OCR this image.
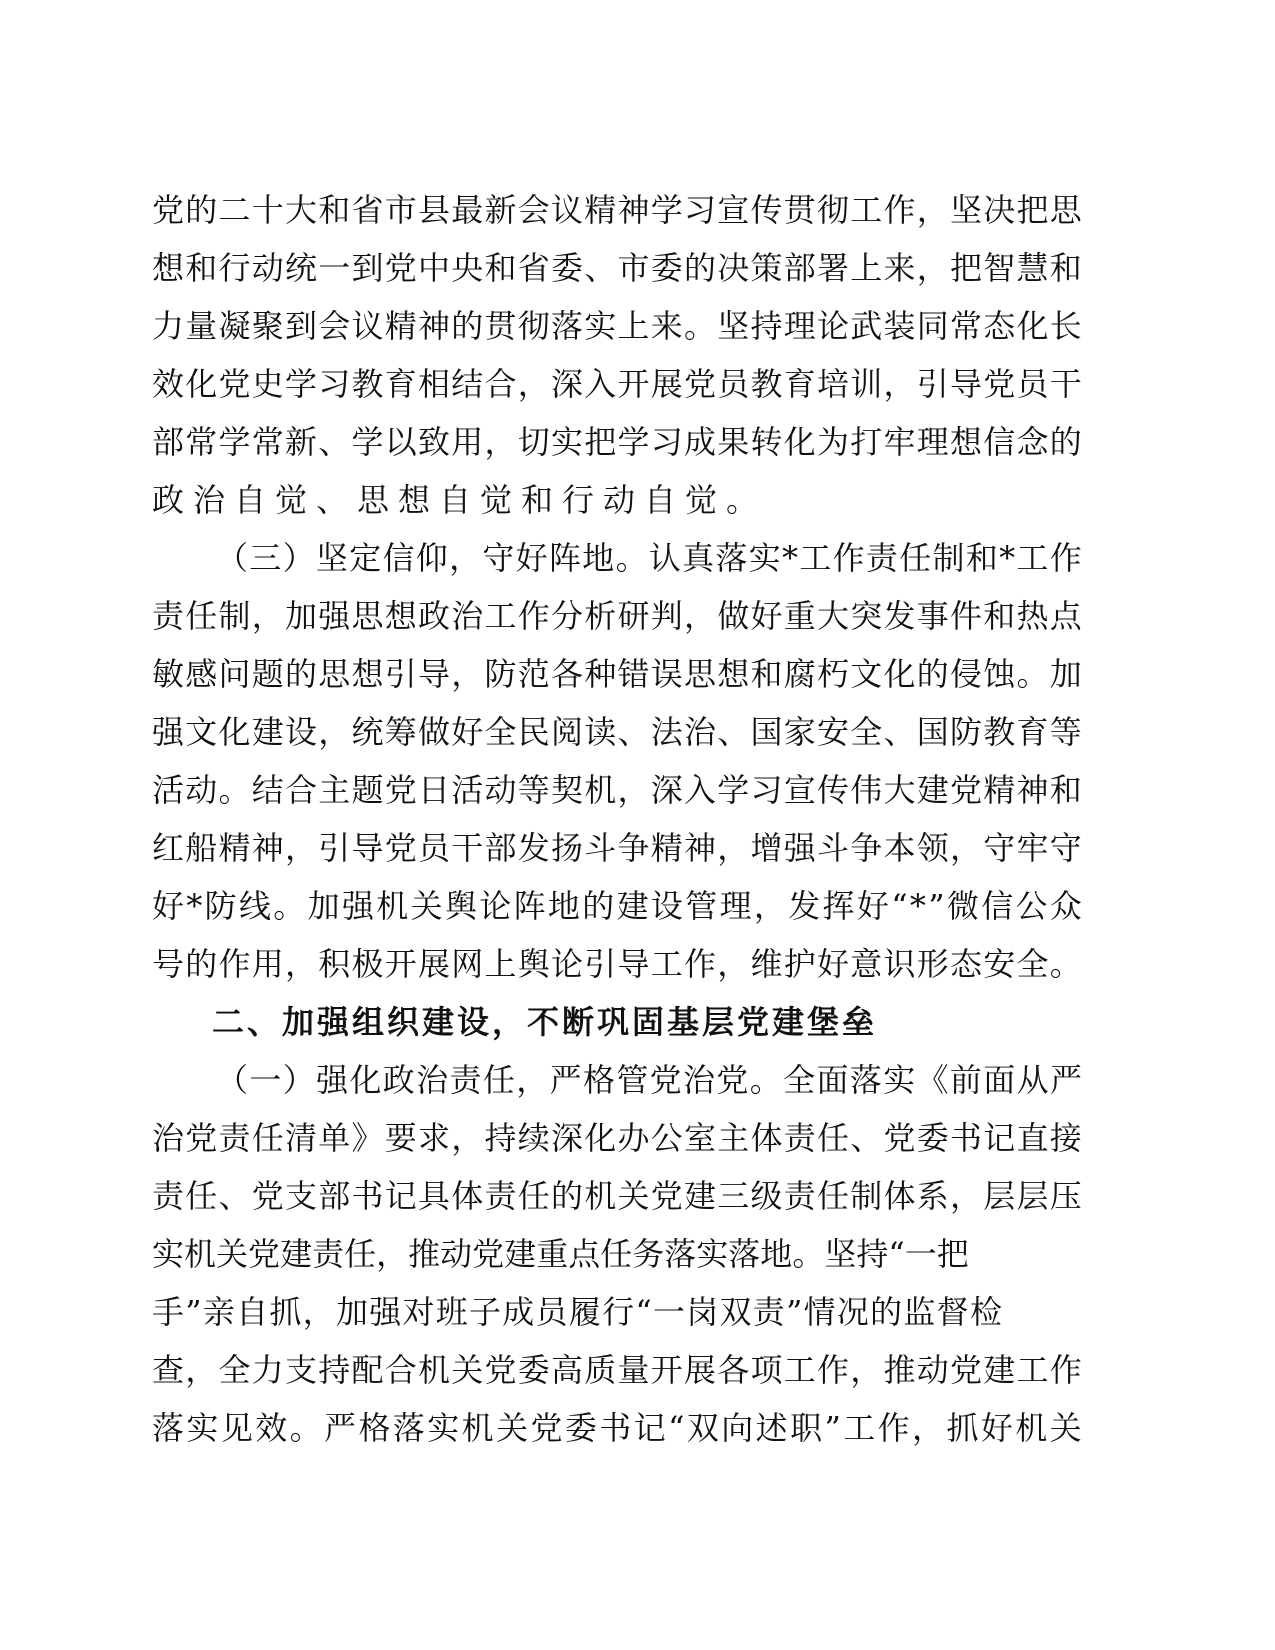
党 的 二 十 大 和 省 市 县 最 新 会 议 精 神 学 习 宣 传 贯 彻 工 作 ， 坚 决 把 思
想 和 行 动 统 一 到 党 中 央 和 省 委 、 市 委 的 决 策 部 署 上 来 ， 把 智 慧 和
力 量 凝 聚 到 会 议 精 神 的 贯 彻 落 实 上 来 。 坚 持 理 论 武 装 同 常 态 化 长
效 化 党 史 学 习 教 育 相 结 合 ， 深 入 开 展 党 员 教 育 培 训 ， 引 导 党 员 干
部 常 学 常 新 、 学 以 致 用 ， 切 实 把 学 习 成 果 转 化 为 打 牢 理 想 信 念 的
政治自觉、思想自觉和行动自觉。
（ 三 ） 坚 定 信 仰 ， 守 好 阵 地 。 认 真 落 实 * 工 作 责 任 制 和 * 工 作
责 任 制 ， 加 强 思 想 政 治 工 作 分 析 研 判 ， 做 好 重 大 突 发 事 件 和 热 点
敏 感 问 题 的 思 想 引 导 ， 防 范 各 种 错 误 思 想 和 腐 朽 文 化 的 侵 蚀 。 加
强 文 化 建 设 ， 统 筹 做 好 全 民 阅 读 、 法 治 、 国 家 安 全 、 国 防 教 育 等
活 动 。 结 合 主 题 党 日 活 动 等 契 机 ， 深 入 学 习 宣 传 伟 大 建 党 精 神 和
红 船 精 神 ， 引 导 党 员 干 部 发 扬 斗 争 精 神 ， 增 强 斗 争 本 领 ， 守 牢 守
好 * 防 线 。 加 强 机 关 舆 论 阵 地 的 建 设 管 理 ， 发 挥 好 “ * ” 微 信 公 众
号 的 作 用 ， 积 极 开 展 网 上 舆 论 引 导 工 作 ， 维 护 好 意 识 形 态 安 全 。
二、加强组织建设，不断巩固基层党建堡垒
（ 一 ） 强 化 政 治 责 任 ， 严 格 管 党 治 党 。 全 面 落 实 《 前 面 从 严
治 党 责 任 清 单 》 要 求 ， 持 续 深 化 办 公 室 主 体 责 任 、 党 委 书 记 直 接
责 任 、 党 支 部 书 记 具 体 责 任 的 机 关 党 建 三 级 责 任 制 体 系 ， 层 层 压
实 机 关 党 建 责 任 ， 推 动 党 建 重 点 任 务 落 实 落 地 。 坚 持 “ 一 把
手 ” 亲 自 抓 ， 加 强 对 班 子 成 员 履 行 “ 一 岗 双 责 ” 情 况 的 监 督 检
查 ， 全 力 支 持 配 合 机 关 党 委 高 质 量 开 展 各 项 工 作 ， 推 动 党 建 工 作
落 实 见 效 。 严 格 落 实 机 关 党 委 书 记 “ 双 向 述 职 ” 工 作 ， 抓 好 机 关
